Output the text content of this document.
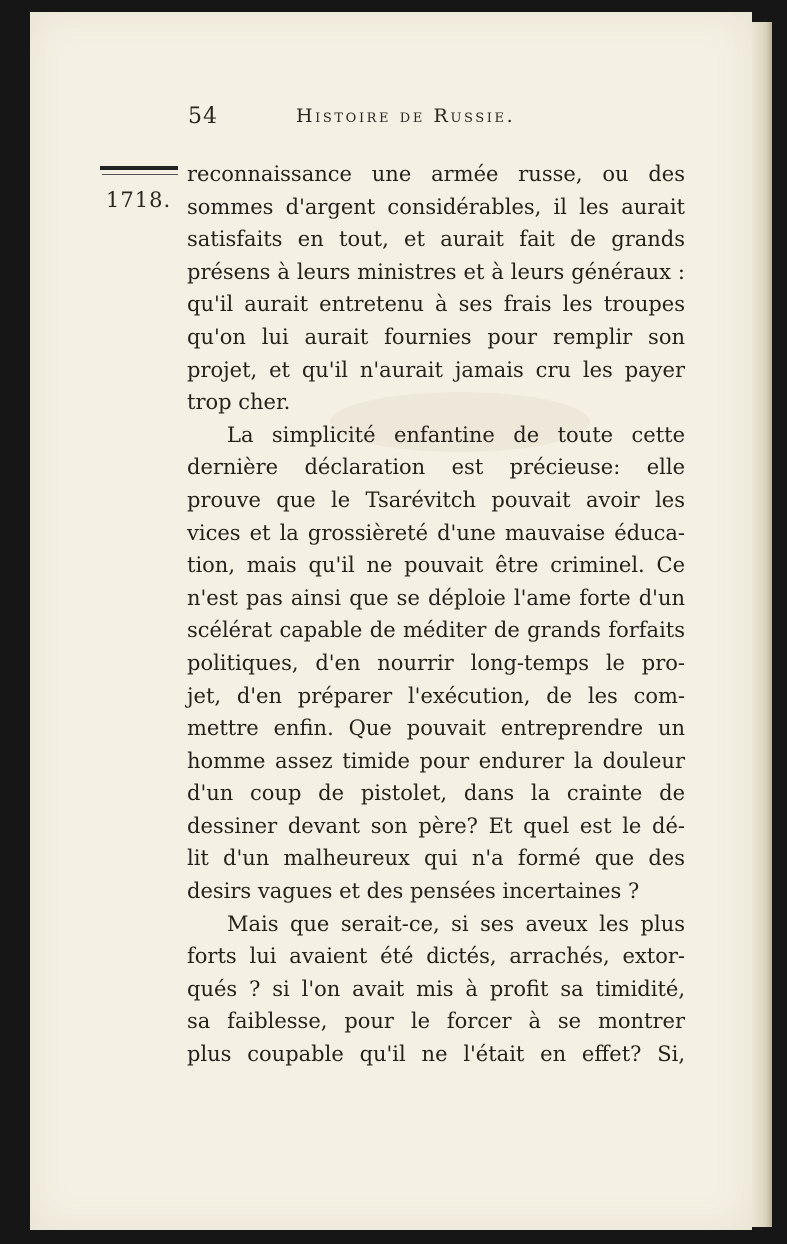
54	Histoire de Russie.
1718.
reconnaissance une armée russe, ou des
sommes d'argent considérables, il les aurait
satisfaits en tout, et aurait fait de grands
présens à leurs ministres et à leurs généraux :
qu'il aurait entretenu à ses frais les troupes
qu'on lui aurait fournies pour remplir son
projet, et qu'il n'aurait jamais cru les payer
trop cher.
La simplicité enfantine de toute cette
dernière déclaration est précieuse: elle
prouve que le Tsarévitch pouvait avoir les
vices et la grossièreté d'une mauvaise éduca-
tion, mais qu'il ne pouvait être criminel. Ce
n'est pas ainsi que se déploie l'ame forte d'un
scélérat capable de méditer de grands forfaits
politiques, d'en nourrir long-temps le pro-
jet, d'en préparer l'exécution, de les com-
mettre enfin. Que pouvait entreprendre un
homme assez timide pour endurer la douleur
d'un coup de pistolet, dans la crainte de
dessiner devant son père? Et quel est le dé-
lit d'un malheureux qui n'a formé que des
desirs vagues et des pensées incertaines ?
Mais que serait-ce, si ses aveux les plus
forts lui avaient été dictés, arrachés, extor-
qués ? si l'on avait mis à profit sa timidité,
sa faiblesse, pour le forcer à se montrer
plus coupable qu'il ne l'était en effet? Si,
